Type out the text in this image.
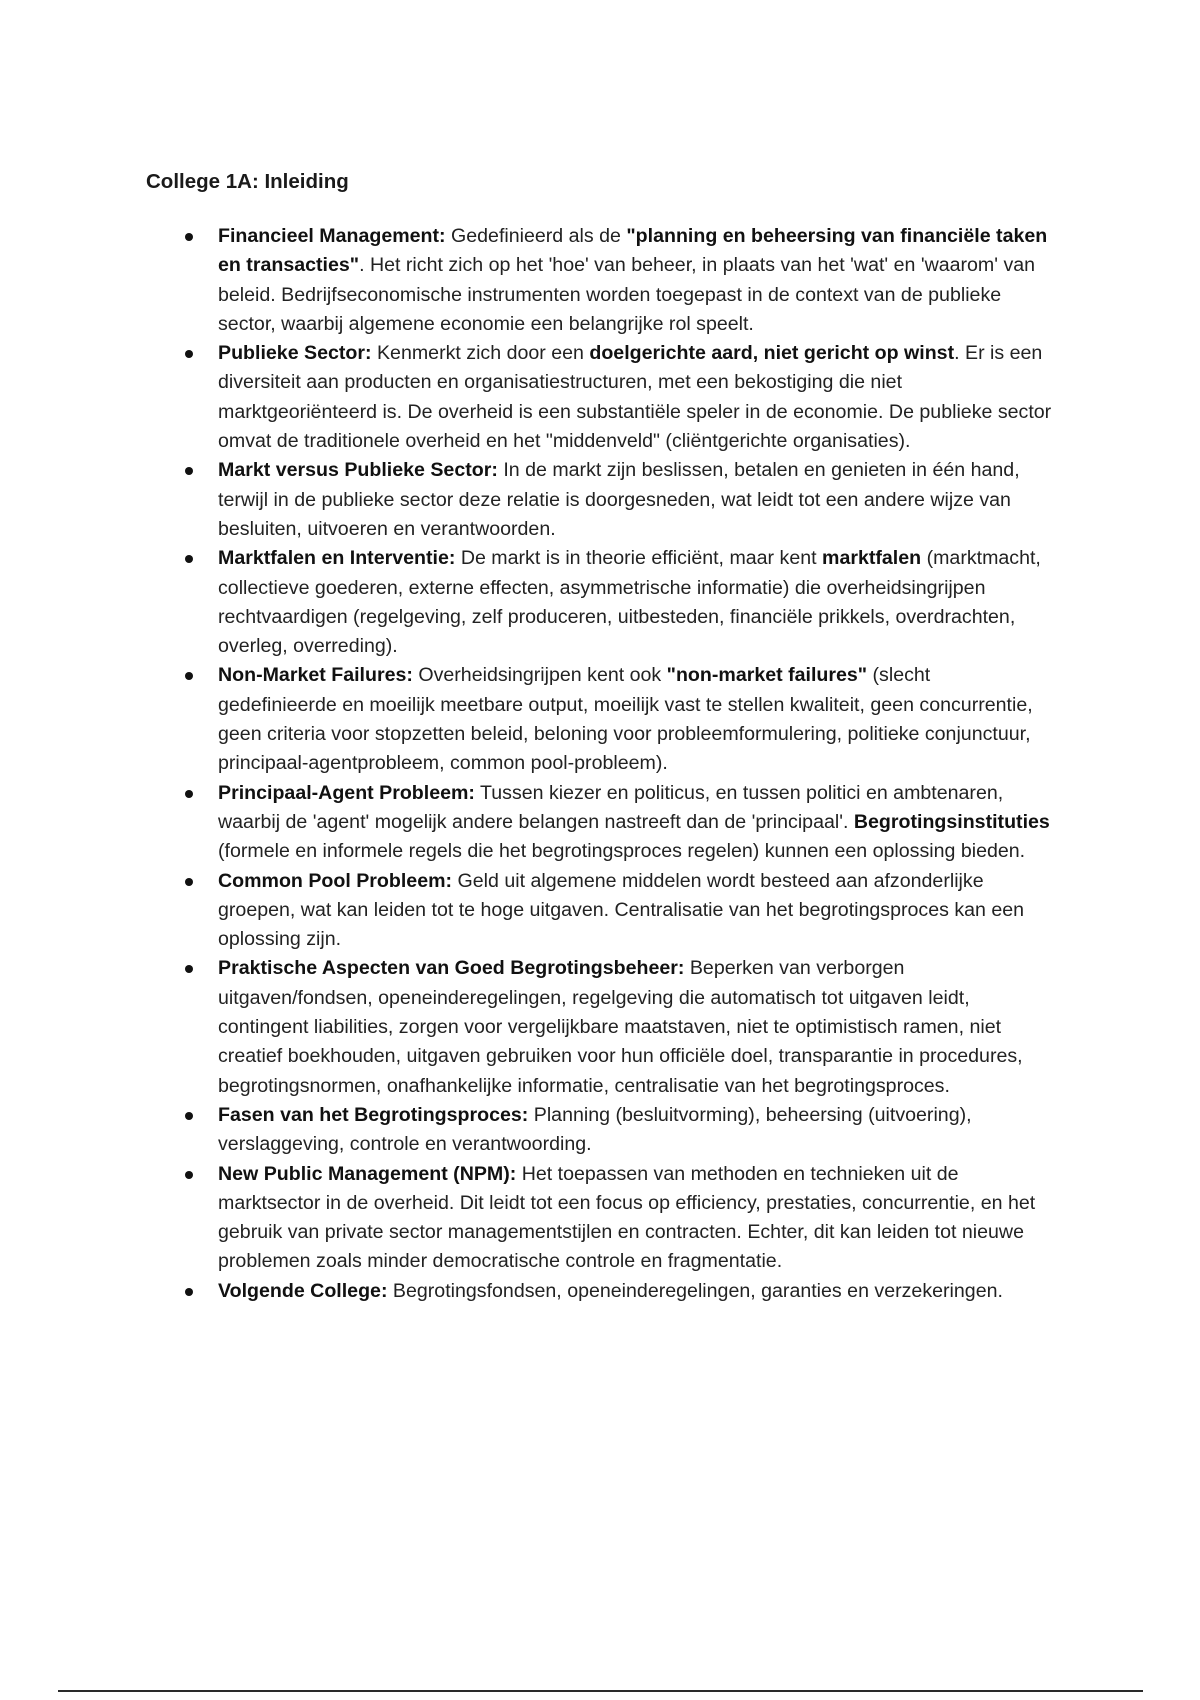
College 1A: Inleiding
Financieel Management: Gedefinieerd als de "planning en beheersing van financiële taken en transacties". Het richt zich op het 'hoe' van beheer, in plaats van het 'wat' en 'waarom' van beleid. Bedrijfseconomische instrumenten worden toegepast in de context van de publieke sector, waarbij algemene economie een belangrijke rol speelt.
Publieke Sector: Kenmerkt zich door een doelgerichte aard, niet gericht op winst. Er is een diversiteit aan producten en organisatiestructuren, met een bekostiging die niet marktgeoriënteerd is. De overheid is een substantiële speler in de economie. De publieke sector omvat de traditionele overheid en het "middenveld" (cliëntgerichte organisaties).
Markt versus Publieke Sector: In de markt zijn beslissen, betalen en genieten in één hand, terwijl in de publieke sector deze relatie is doorgesneden, wat leidt tot een andere wijze van besluiten, uitvoeren en verantwoorden.
Marktfalen en Interventie: De markt is in theorie efficiënt, maar kent marktfalen (marktmacht, collectieve goederen, externe effecten, asymmetrische informatie) die overheidsingrijpen rechtvaardigen (regelgeving, zelf produceren, uitbesteden, financiële prikkels, overdrachten, overleg, overreding).
Non-Market Failures: Overheidsingrijpen kent ook "non-market failures" (slecht gedefinieerde en moeilijk meetbare output, moeilijk vast te stellen kwaliteit, geen concurrentie, geen criteria voor stopzetten beleid, beloning voor probleemformulering, politieke conjunctuur, principaal-agentprobleem, common pool-probleem).
Principaal-Agent Probleem: Tussen kiezer en politicus, en tussen politici en ambtenaren, waarbij de 'agent' mogelijk andere belangen nastreeft dan de 'principaal'. Begrotingsinstituties (formele en informele regels die het begrotingsproces regelen) kunnen een oplossing bieden.
Common Pool Probleem: Geld uit algemene middelen wordt besteed aan afzonderlijke groepen, wat kan leiden tot te hoge uitgaven. Centralisatie van het begrotingsproces kan een oplossing zijn.
Praktische Aspecten van Goed Begrotingsbeheer: Beperken van verborgen uitgaven/fondsen, openeinderegelingen, regelgeving die automatisch tot uitgaven leidt, contingent liabilities, zorgen voor vergelijkbare maatstaven, niet te optimistisch ramen, niet creatief boekhouden, uitgaven gebruiken voor hun officiële doel, transparantie in procedures, begrotingsnormen, onafhankelijke informatie, centralisatie van het begrotingsproces.
Fasen van het Begrotingsproces: Planning (besluitvorming), beheersing (uitvoering), verslaggeving, controle en verantwoording.
New Public Management (NPM): Het toepassen van methoden en technieken uit de marktsector in de overheid. Dit leidt tot een focus op efficiency, prestaties, concurrentie, en het gebruik van private sector managementstijlen en contracten. Echter, dit kan leiden tot nieuwe problemen zoals minder democratische controle en fragmentatie.
Volgende College: Begrotingsfondsen, openeinderegelingen, garanties en verzekeringen.
